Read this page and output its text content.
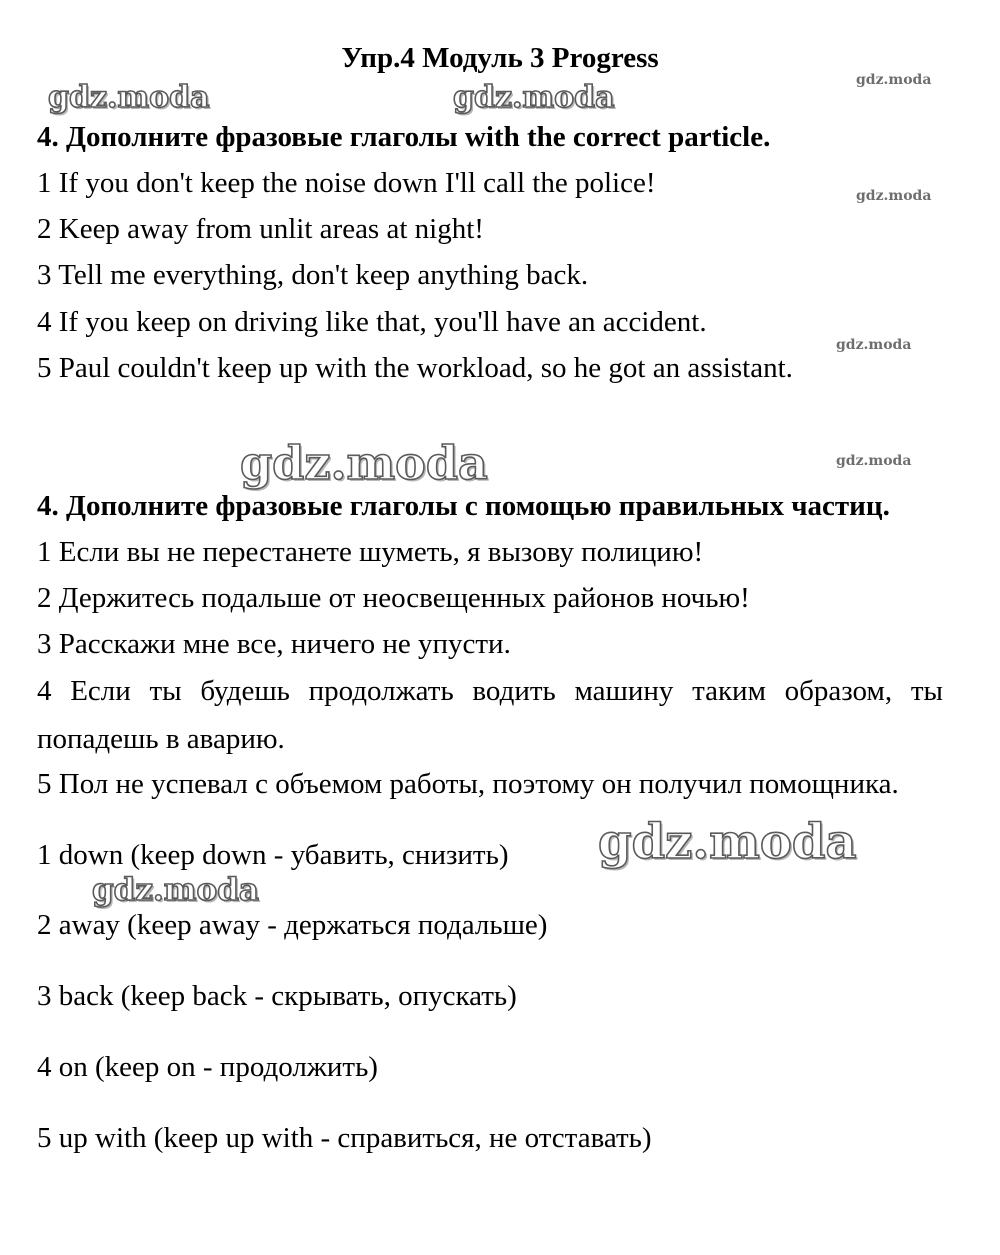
Упр.4 Модуль 3 Progress

4. Дополните фразовые глаголы with the correct particle.

1 If you don't keep the noise down I'll call the police!

2 Keep away from unlit areas at night!

3 Tell me everything, don't keep anything back.

4 If you keep on driving like that, you'll have an accident.

5 Paul couldn't keep up with the workload, so he got an assistant.

4. Дополните фразовые глаголы с помощью правильных частиц.

1 Если вы не перестанете шуметь, я вызову полицию!

2 Держитесь подальше от неосвещенных районов ночью!

3 Расскажи мне все, ничего не упусти.

4 Если ты будешь продолжать водить машину таким образом, ты попадешь в аварию.

5 Пол не успевал с объемом работы, поэтому он получил помощника.

1 down (keep down - убавить, снизить)

2 away (keep away - держаться подальше)

3 back (keep back - скрывать, опускать)

4 on (keep on - продолжить)

5 up with (keep up with - справиться, не отставать)

gdz.moda	gdz.moda	gdz.moda
gdz.moda
gdz.moda
gdz.moda	gdz.moda
gdz.moda
gdz.moda
